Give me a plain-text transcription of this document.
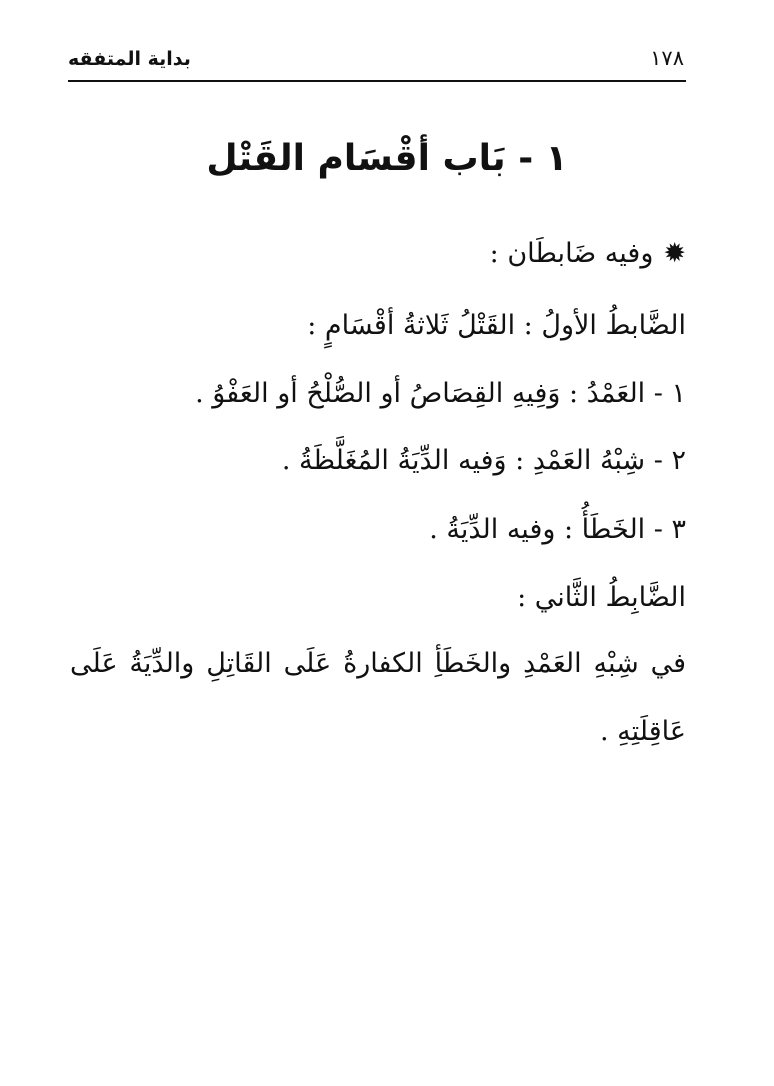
بداية المتفقه	١٧٨
١ - بَاب أقْسَام القَتْل
✹وفيه ضَابطَان :
الضَّابطُ الأولُ : القَتْلُ ثَلاثةُ أقْسَامٍ :
١ - العَمْدُ : وَفِيهِ القِصَاصُ أو الصُّلْحُ أو العَفْوُ .
٢ - شِبْهُ العَمْدِ : وَفيه الدِّيَةُ المُغَلَّظَةُ .
٣ - الخَطَأُ : وفيه الدِّيَةُ .
الضَّابِطُ الثَّاني :
في شِبْهِ العَمْدِ والخَطَأِ الكفارةُ عَلَى القَاتِلِ والدِّيَةُ عَلَى
عَاقِلَتِهِ .
